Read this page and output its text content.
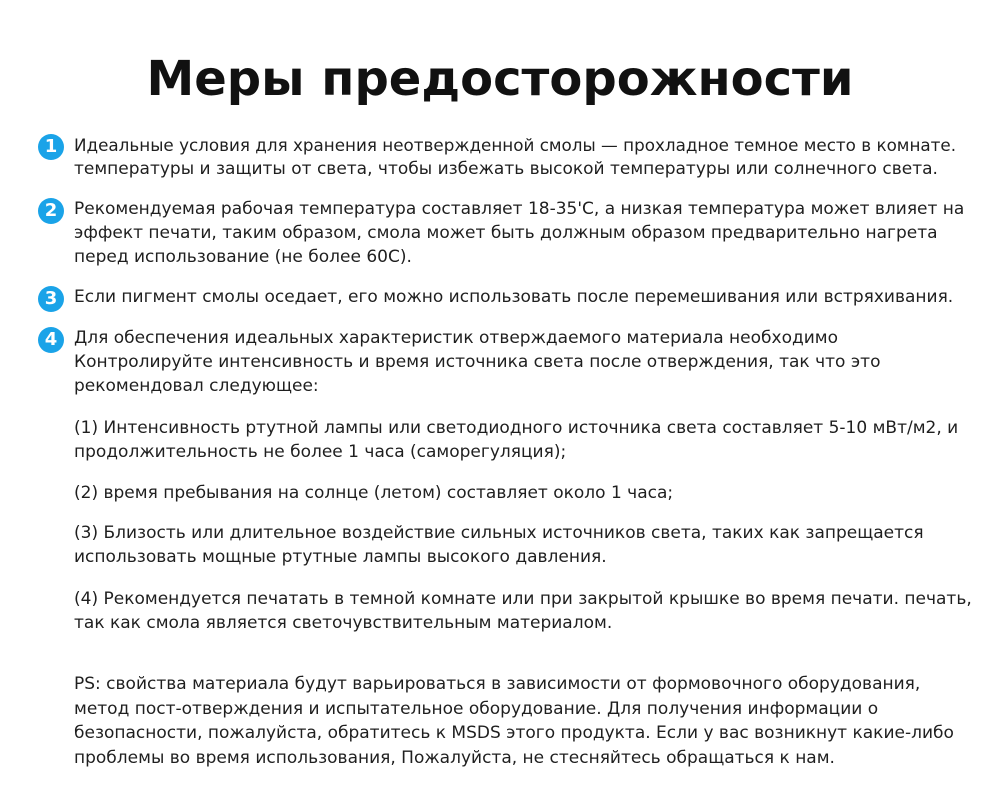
Меры предосторожности
1 Идеальные условия для хранения неотвержденной смолы — прохладное темное место в комнате.
температуры и защиты от света, чтобы избежать высокой температуры или солнечного света.
2 Рекомендуемая рабочая температура составляет 18-35'C, а низкая температура может влияет на
эффект печати, таким образом, смола может быть должным образом предварительно нагрета
перед использование (не более 60C).
3 Если пигмент смолы оседает, его можно использовать после перемешивания или встряхивания.
4 Для обеспечения идеальных характеристик отверждаемого материала необходимо
Контролируйте интенсивность и время источника света после отверждения, так что это
рекомендовал следующее:
(1) Интенсивность ртутной лампы или светодиодного источника света составляет 5-10 мВт/м2, и
продолжительность не более 1 часа (саморегуляция);
(2) время пребывания на солнце (летом) составляет около 1 часа;
(3) Близость или длительное воздействие сильных источников света, таких как запрещается
использовать мощные ртутные лампы высокого давления.
(4) Рекомендуется печатать в темной комнате или при закрытой крышке во время печати. печать,
так как смола является светочувствительным материалом.
PS: свойства материала будут варьироваться в зависимости от формовочного оборудования,
метод пост-отверждения и испытательное оборудование. Для получения информации о
безопасности, пожалуйста, обратитесь к MSDS этого продукта. Если у вас возникнут какие-либо
проблемы во время использования, Пожалуйста, не стесняйтесь обращаться к нам.
